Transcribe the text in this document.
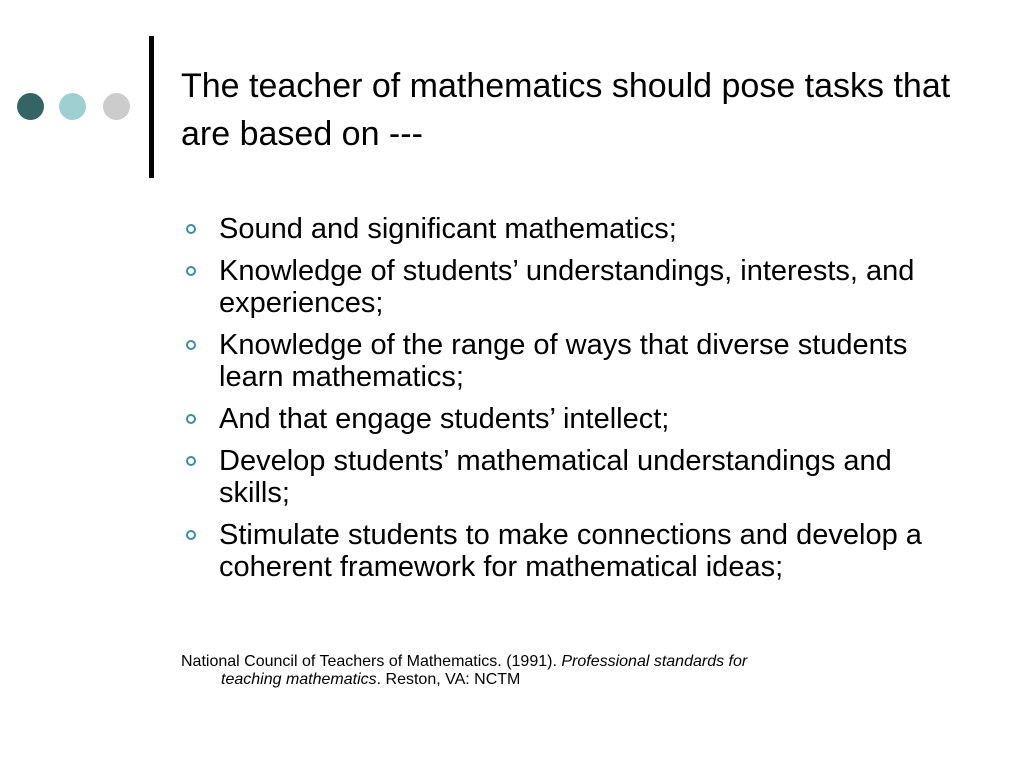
The teacher of mathematics should pose tasks that are based on ---
Sound and significant mathematics;
Knowledge of students’ understandings, interests, and experiences;
Knowledge of the range of ways that diverse students learn mathematics;
And that engage students’ intellect;
Develop students’ mathematical understandings and skills;
Stimulate students to make connections and develop a coherent framework for mathematical ideas;
National Council of Teachers of Mathematics. (1991). Professional standards for
teaching mathematics. Reston, VA: NCTM
